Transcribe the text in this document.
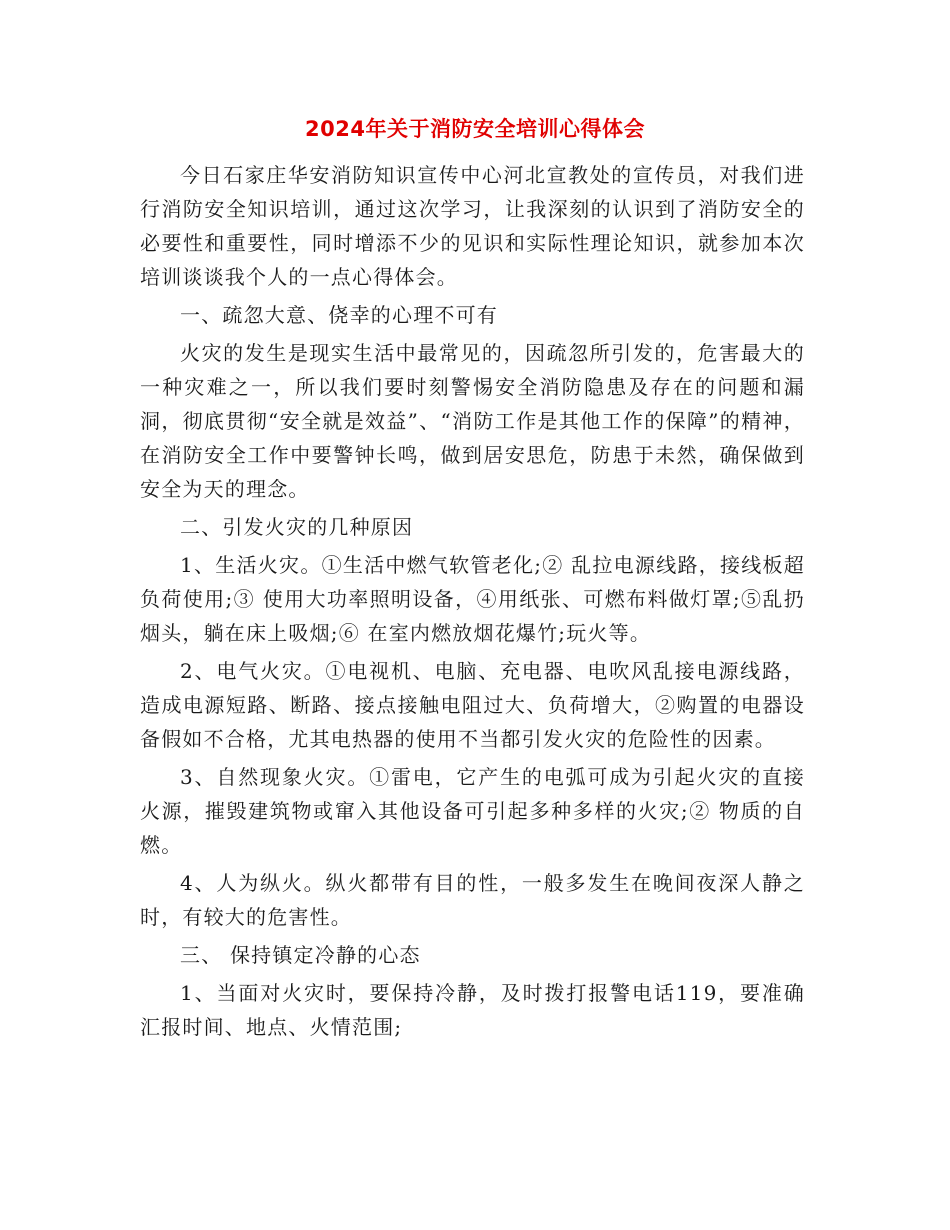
2024年关于消防安全培训心得体会

今日石家庄华安消防知识宣传中心河北宣教处的宣传员，对我们进行消防安全知识培训，通过这次学习，让我深刻的认识到了消防安全的必要性和重要性，同时增添不少的见识和实际性理论知识，就参加本次培训谈谈我个人的一点心得体会。

一、疏忽大意、侥幸的心理不可有

火灾的发生是现实生活中最常见的，因疏忽所引发的，危害最大的一种灾难之一，所以我们要时刻警惕安全消防隐患及存在的问题和漏洞，彻底贯彻“安全就是效益”、“消防工作是其他工作的保障”的精神，在消防安全工作中要警钟长鸣，做到居安思危，防患于未然，确保做到安全为天的理念。

二、引发火灾的几种原因

1、生活火灾。①生活中燃气软管老化;② 乱拉电源线路，接线板超负荷使用;③ 使用大功率照明设备，④用纸张、可燃布料做灯罩;⑤乱扔烟头，躺在床上吸烟;⑥ 在室内燃放烟花爆竹;玩火等。

2、电气火灾。①电视机、电脑、充电器、电吹风乱接电源线路，造成电源短路、断路、接点接触电阻过大、负荷增大，②购置的电器设备假如不合格，尤其电热器的使用不当都引发火灾的危险性的因素。

3、自然现象火灾。①雷电，它产生的电弧可成为引起火灾的直接火源，摧毁建筑物或窜入其他设备可引起多种多样的火灾;② 物质的自燃。

4、人为纵火。纵火都带有目的性，一般多发生在晚间夜深人静之时，有较大的危害性。

三、 保持镇定冷静的心态

1、当面对火灾时，要保持冷静，及时拨打报警电话119，要准确汇报时间、地点、火情范围;
